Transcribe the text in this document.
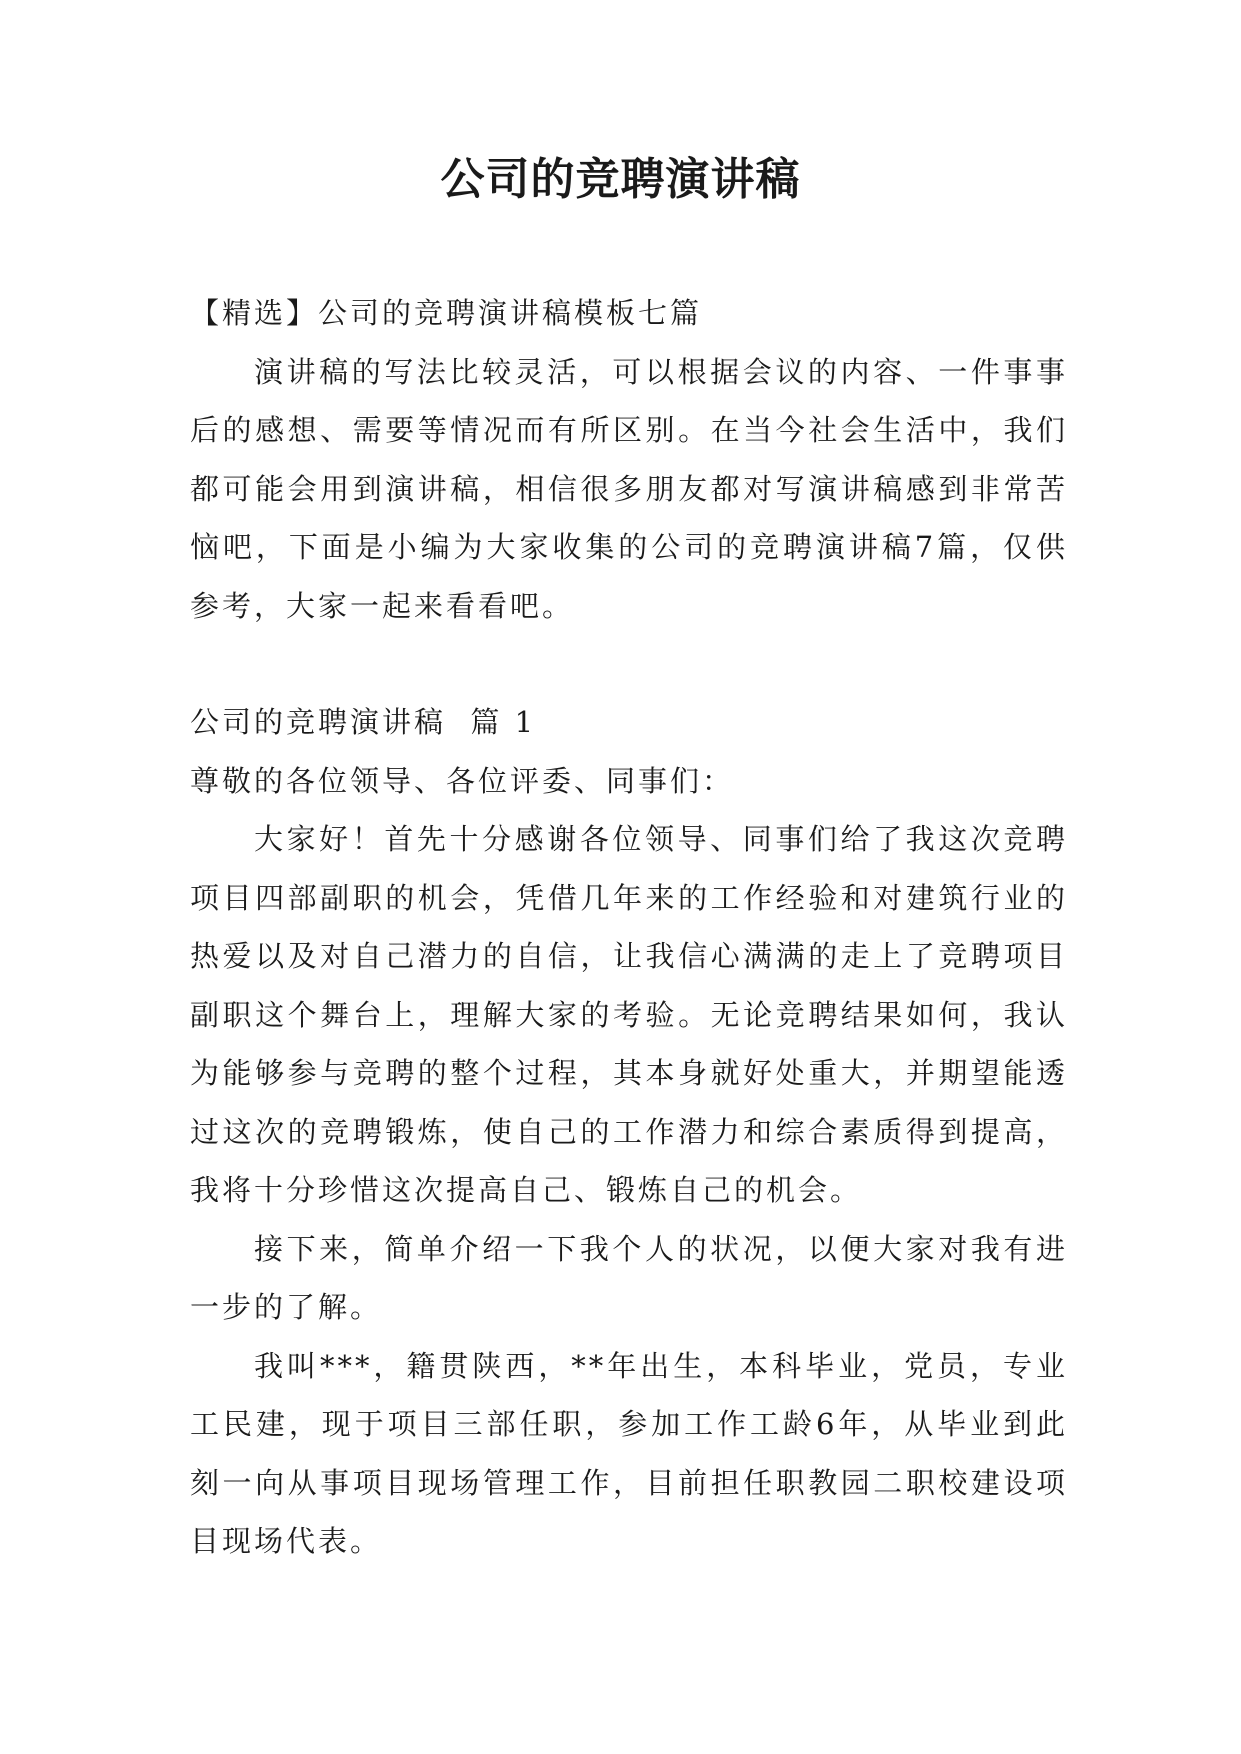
公司的竞聘演讲稿

【精选】公司的竞聘演讲稿模板七篇

演讲稿的写法比较灵活，可以根据会议的内容、一件事事后的感想、需要等情况而有所区别。在当今社会生活中，我们都可能会用到演讲稿，相信很多朋友都对写演讲稿感到非常苦恼吧，下面是小编为大家收集的公司的竞聘演讲稿7篇，仅供参考，大家一起来看看吧。

公司的竞聘演讲稿  篇 1

尊敬的各位领导、各位评委、同事们：

大家好！首先十分感谢各位领导、同事们给了我这次竞聘项目四部副职的机会，凭借几年来的工作经验和对建筑行业的热爱以及对自己潜力的自信，让我信心满满的走上了竞聘项目副职这个舞台上，理解大家的考验。无论竞聘结果如何，我认为能够参与竞聘的整个过程，其本身就好处重大，并期望能透过这次的竞聘锻炼，使自己的工作潜力和综合素质得到提高，我将十分珍惜这次提高自己、锻炼自己的机会。

接下来，简单介绍一下我个人的状况，以便大家对我有进一步的了解。

我叫***，籍贯陕西，**年出生，本科毕业，党员，专业工民建，现于项目三部任职，参加工作工龄6年，从毕业到此刻一向从事项目现场管理工作，目前担任职教园二职校建设项目现场代表。
